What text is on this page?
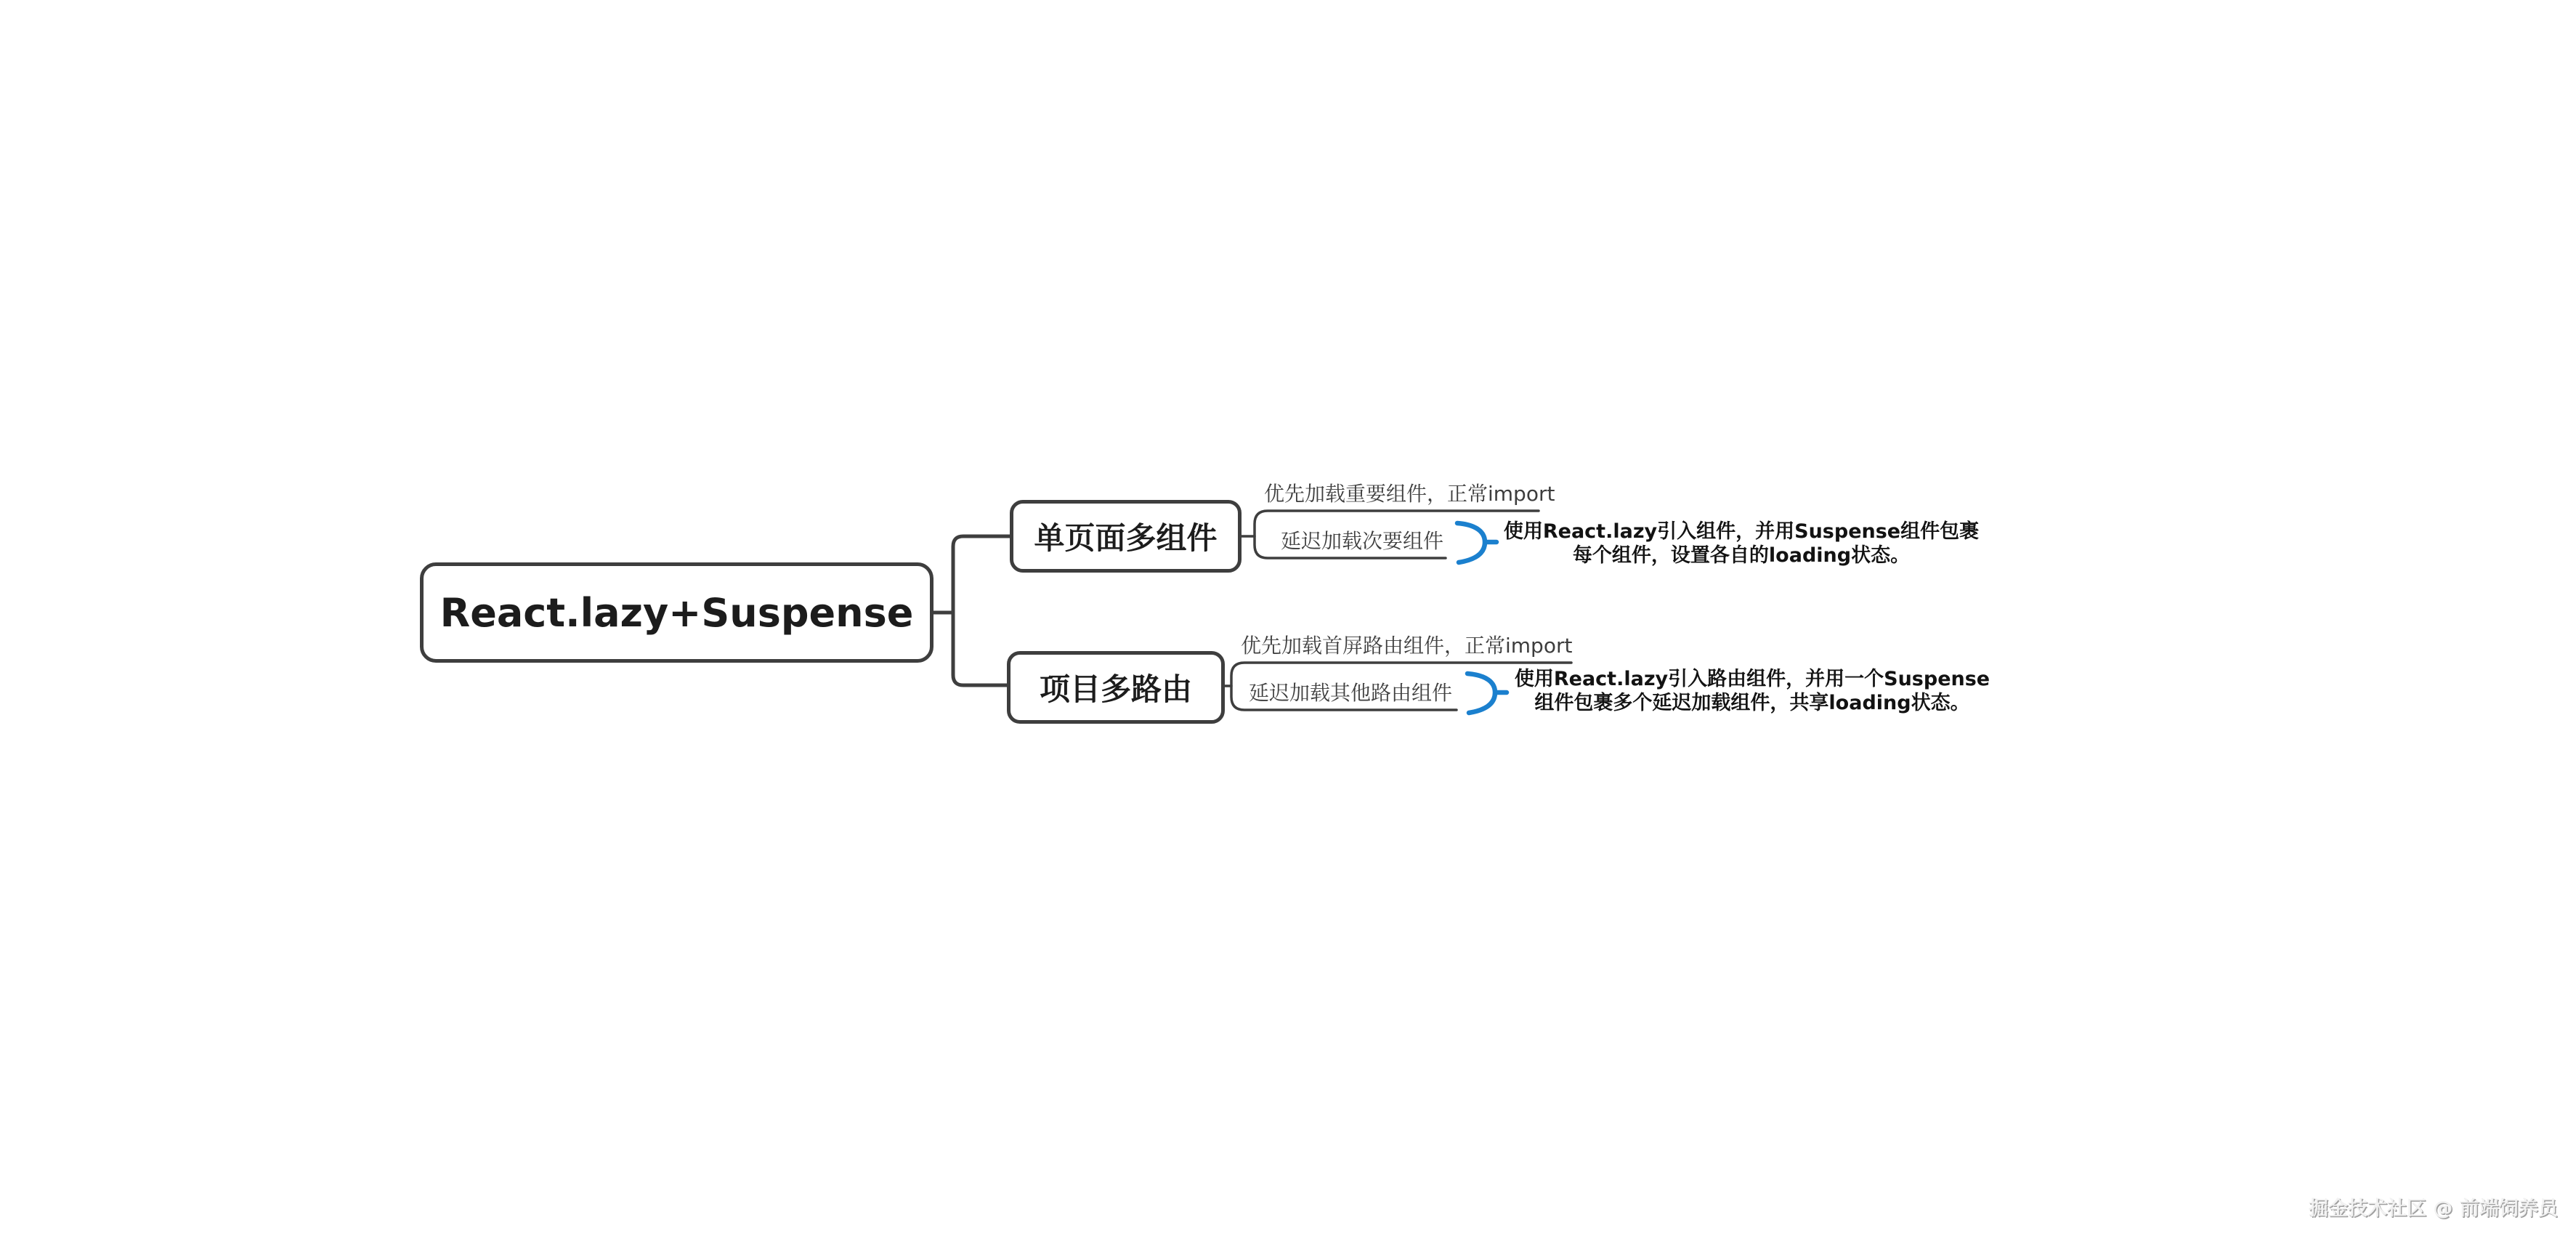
React.lazy+Suspense
单页面多组件
优先加载重要组件，正常import
延迟加载次要组件	使用React.lazy引入组件，并用Suspense组件包裹
每个组件，设置各自的loading状态。
项目多路由
优先加载首屏路由组件，正常import
延迟加载其他路由组件
使用React.lazy引入路由组件，并用一个Suspense
组件包裹多个延迟加载组件，共享loading状态。
掘金技术社区 @ 前端饲养员
